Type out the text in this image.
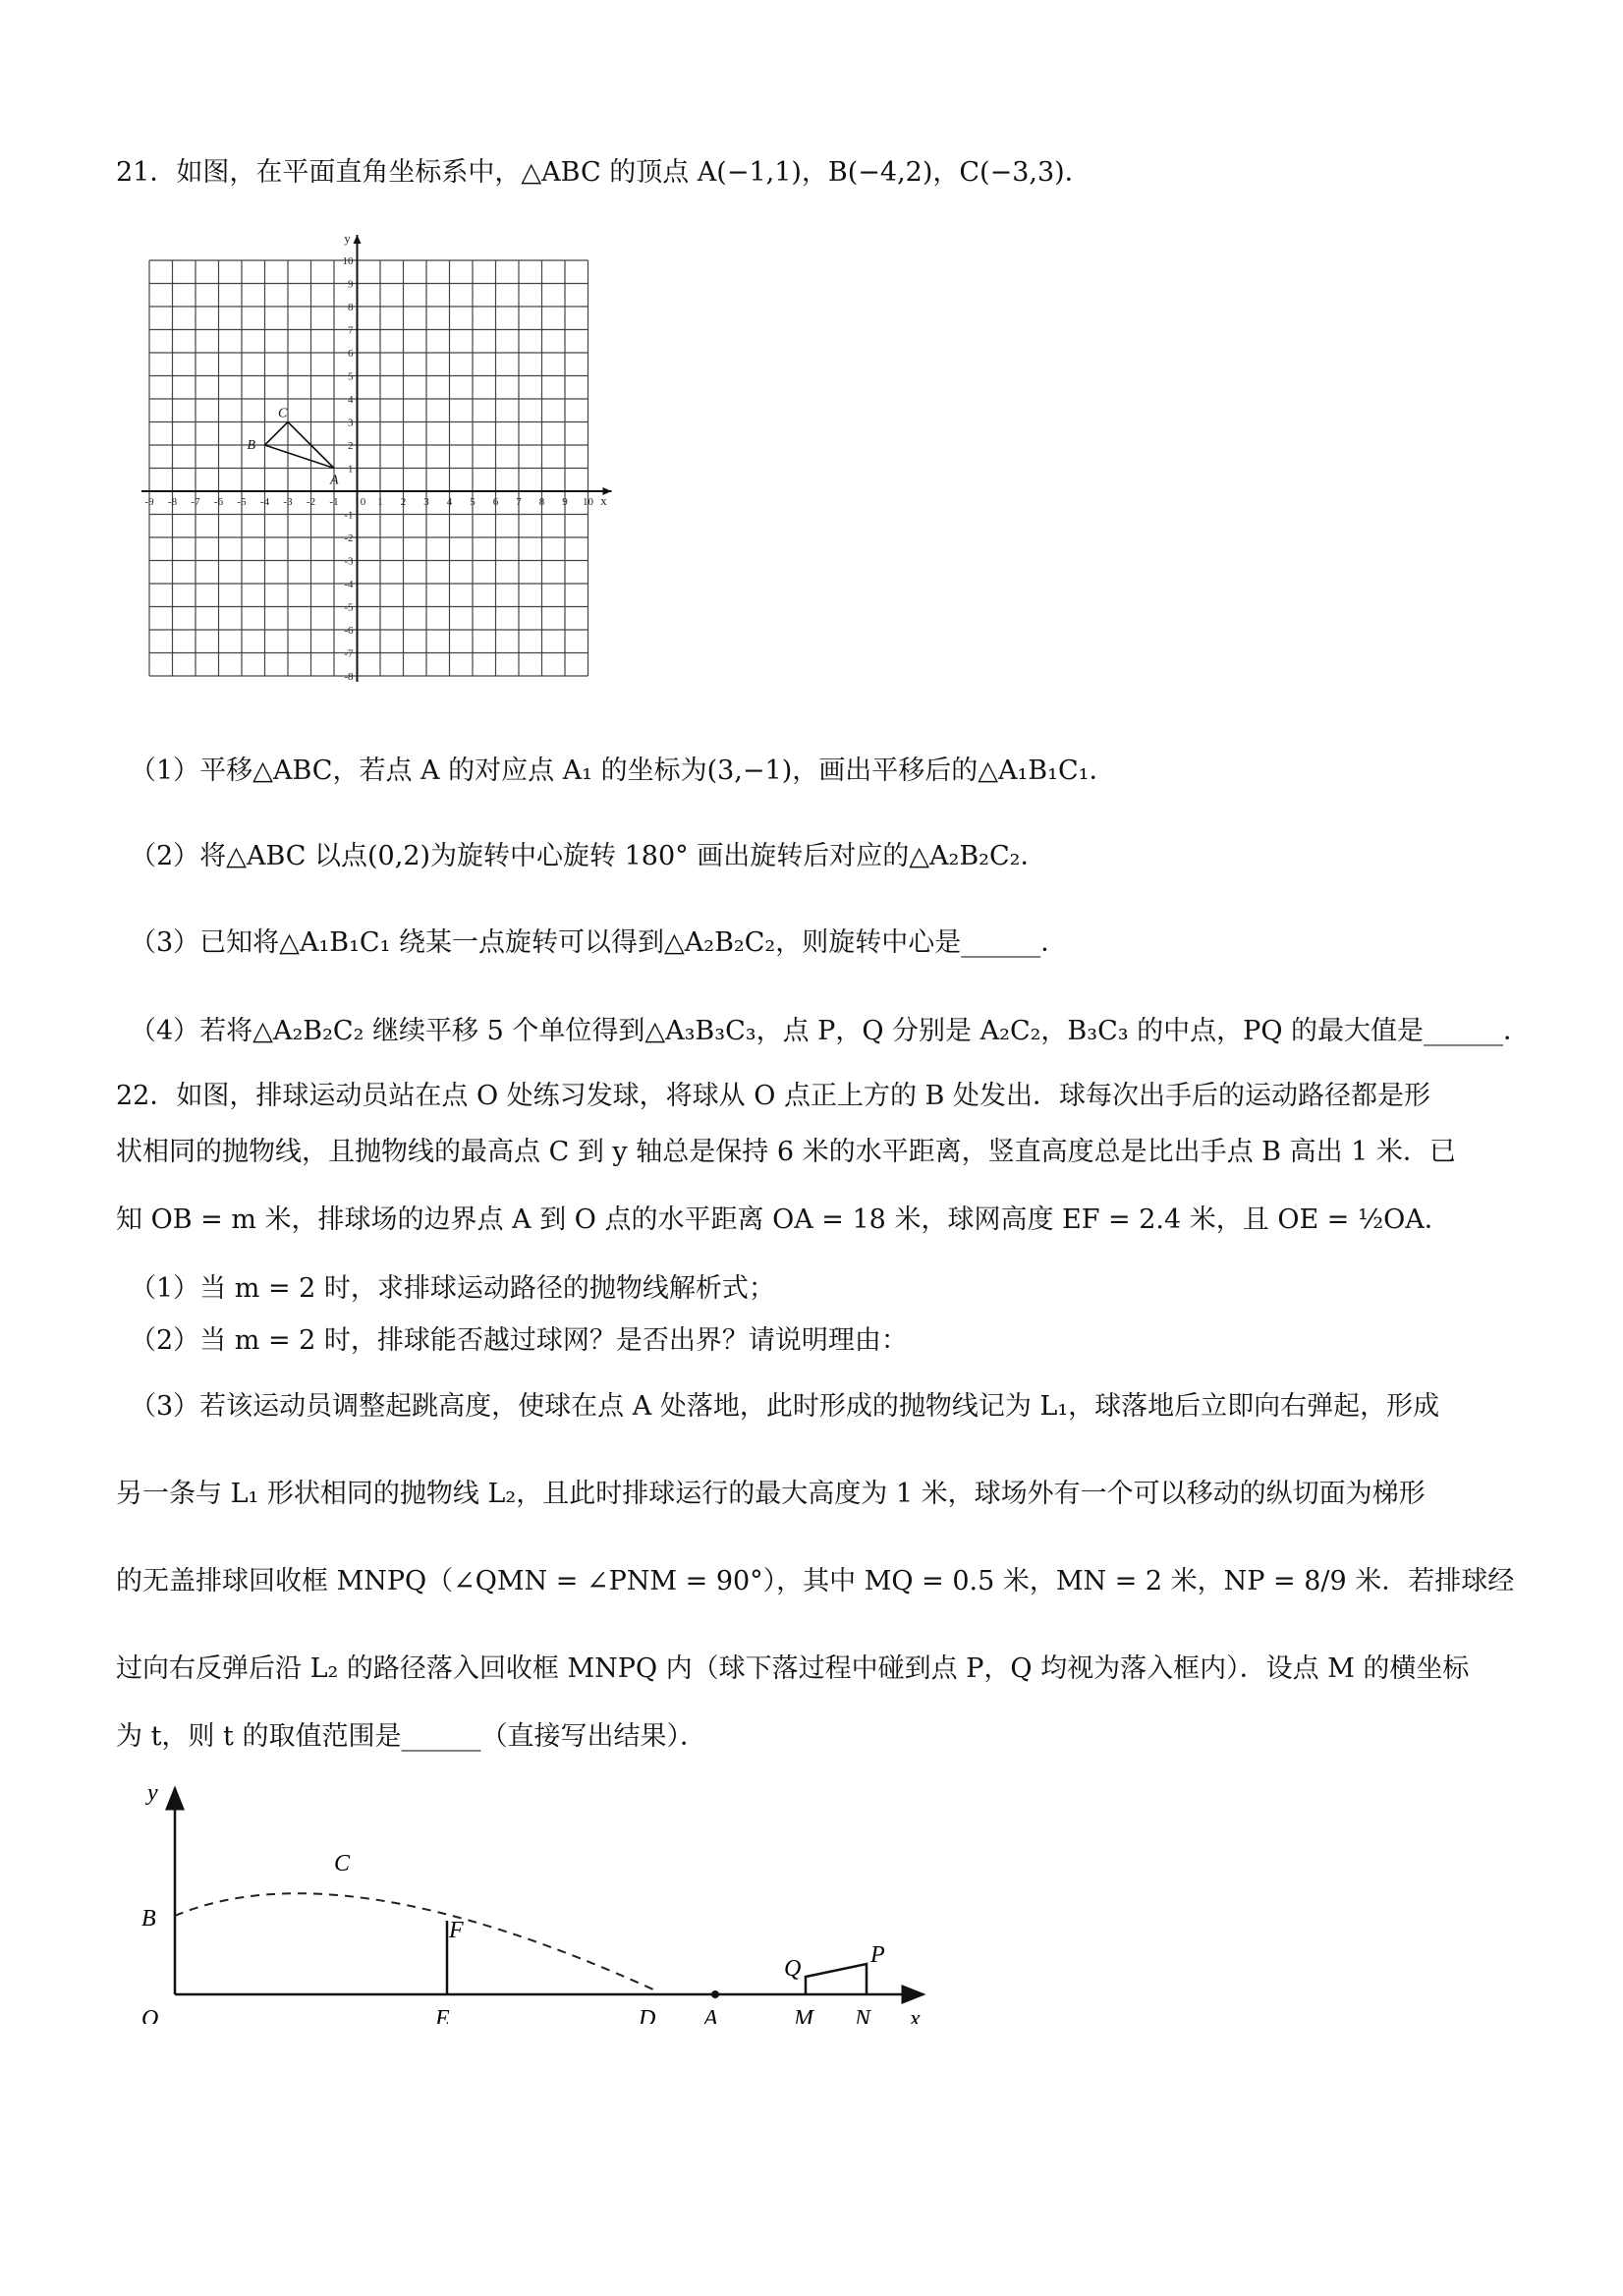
21．如图，在平面直角坐标系中，△ABC 的顶点 A(−1,1)，B(−4,2)，C(−3,3)．
-9 -8 -7 -6 -5 -4 -3 -2 -1 0 1 2 3 4 5 6 7 8 9 10
10
9
8
7
6
5
4
3
2
1
-1
-2
-3
-4
-5
-6
-7
-8
x
y
A
B
C
（1）平移△ABC，若点 A 的对应点 A₁ 的坐标为(3,−1)，画出平移后的△A₁B₁C₁．
（2）将△ABC 以点(0,2)为旋转中心旋转 180° 画出旋转后对应的△A₂B₂C₂．
（3）已知将△A₁B₁C₁ 绕某一点旋转可以得到△A₂B₂C₂，则旋转中心是______．
（4）若将△A₂B₂C₂ 继续平移 5 个单位得到△A₃B₃C₃，点 P，Q 分别是 A₂C₂，B₃C₃ 的中点，PQ 的最大值是______．
22．如图，排球运动员站在点 O 处练习发球，将球从 O 点正上方的 B 处发出．球每次出手后的运动路径都是形
状相同的抛物线，且抛物线的最高点 C 到 y 轴总是保持 6 米的水平距离，竖直高度总是比出手点 B 高出 1 米．已
知 OB = m 米，排球场的边界点 A 到 O 点的水平距离 OA = 18 米，球网高度 EF = 2.4 米，且 OE = ½OA．
（1）当 m = 2 时，求排球运动路径的抛物线解析式；
（2）当 m = 2 时，排球能否越过球网？是否出界？请说明理由：
（3）若该运动员调整起跳高度，使球在点 A 处落地，此时形成的抛物线记为 L₁，球落地后立即向右弹起，形成
另一条与 L₁ 形状相同的抛物线 L₂，且此时排球运行的最大高度为 1 米，球场外有一个可以移动的纵切面为梯形
的无盖排球回收框 MNPQ（∠QMN = ∠PNM = 90°），其中 MQ = 0.5 米，MN = 2 米，NP = 8/9 米．若排球经
过向右反弹后沿 L₂ 的路径落入回收框 MNPQ 内（球下落过程中碰到点 P，Q 均视为落入框内）．设点 M 的横坐标
为 t，则 t 的取值范围是______（直接写出结果）．
y
x
O
B
C
F
E	D A
Q
P
M N
